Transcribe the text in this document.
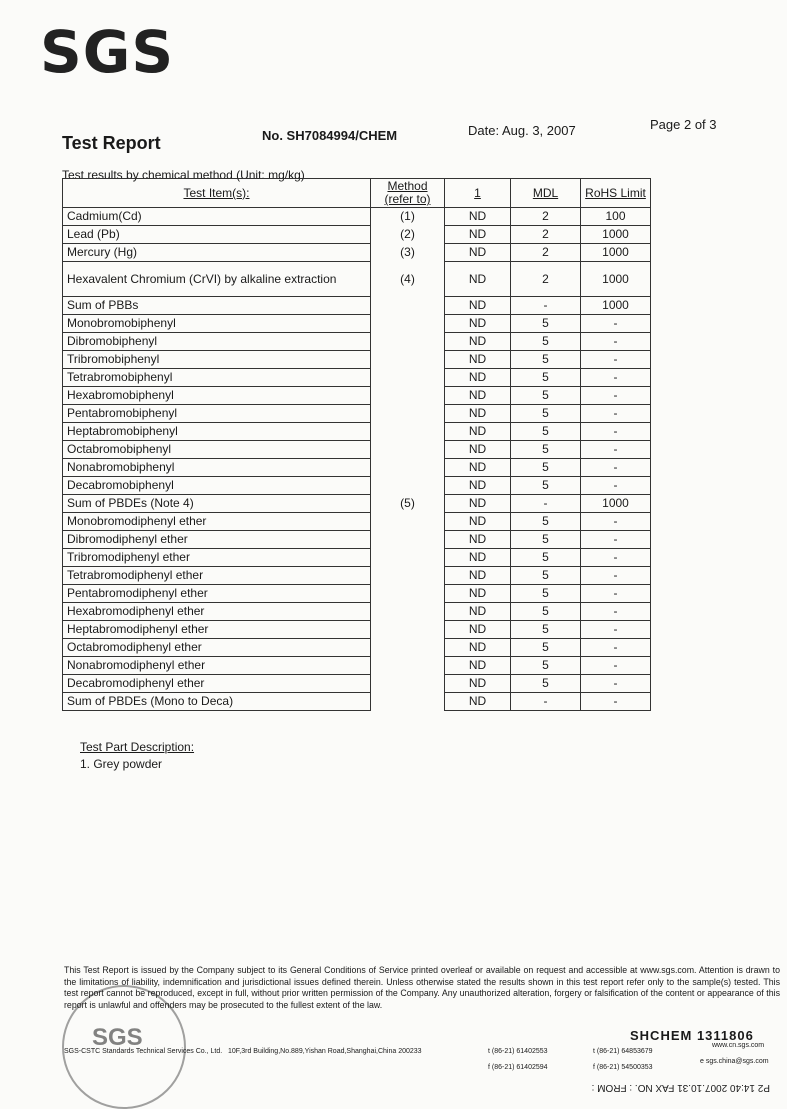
SGS
Test Report	No. SH7084994/CHEM	Date: Aug. 3, 2007	Page 2 of 3
Test results by chemical method (Unit: mg/kg)
Test Item(s):	Method (refer to)	1	MDL	RoHS Limit
Cadmium(Cd)	(1)	ND	2	100
Lead (Pb)	(2)	ND	2	1000
Mercury (Hg)	(3)	ND	2	1000
Hexavalent Chromium (CrVI) by alkaline extraction	(4)	ND	2	1000
Sum of PBBs		ND	-	1000
Monobromobiphenyl		ND	5	-
Dibromobiphenyl		ND	5	-
Tribromobiphenyl		ND	5	-
Tetrabromobiphenyl		ND	5	-
Hexabromobiphenyl		ND	5	-
Pentabromobiphenyl		ND	5	-
Heptabromobiphenyl		ND	5	-
Octabromobiphenyl		ND	5	-
Nonabromobiphenyl		ND	5	-
Decabromobiphenyl		ND	5	-
Sum of PBDEs (Note 4)	(5)	ND	-	1000
Monobromodiphenyl ether		ND	5	-
Dibromodiphenyl ether		ND	5	-
Tribromodiphenyl ether		ND	5	-
Tetrabromodiphenyl ether		ND	5	-
Pentabromodiphenyl ether		ND	5	-
Hexabromodiphenyl ether		ND	5	-
Heptabromodiphenyl ether		ND	5	-
Octabromodiphenyl ether		ND	5	-
Nonabromodiphenyl ether		ND	5	-
Decabromodiphenyl ether		ND	5	-
Sum of PBDEs (Mono to Deca)		ND	-	-
Test Part Description:
1. Grey powder
SGS
This Test Report is issued by the Company subject to its General Conditions of Service printed overleaf or available on request and accessible at www.sgs.com. Attention is drawn to the limitations of liability, indemnification and jurisdictional issues defined therein. Unless otherwise stated the results shown in this test report refer only to the sample(s) tested. This test report cannot be reproduced, except in full, without prior written permission of the Company. Any unauthorized alteration, forgery or falsification of the content or appearance of this report is unlawful and offenders may be prosecuted to the fullest extent of the law.
SHCHEM 1311806
SGS-CSTC Standards Technical Services Co., Ltd. 10F,3rd Building,No.889,Yishan Road,Shanghai,China 200233	t (86-21) 61402553
f (86-21) 61402594
t (86-21) 64853679
f (86-21) 54500353
www.cn.sgs.com
e sgs.china@sgs.com
P2 14:40 2007.10.31 FAX NO. : FROM :
